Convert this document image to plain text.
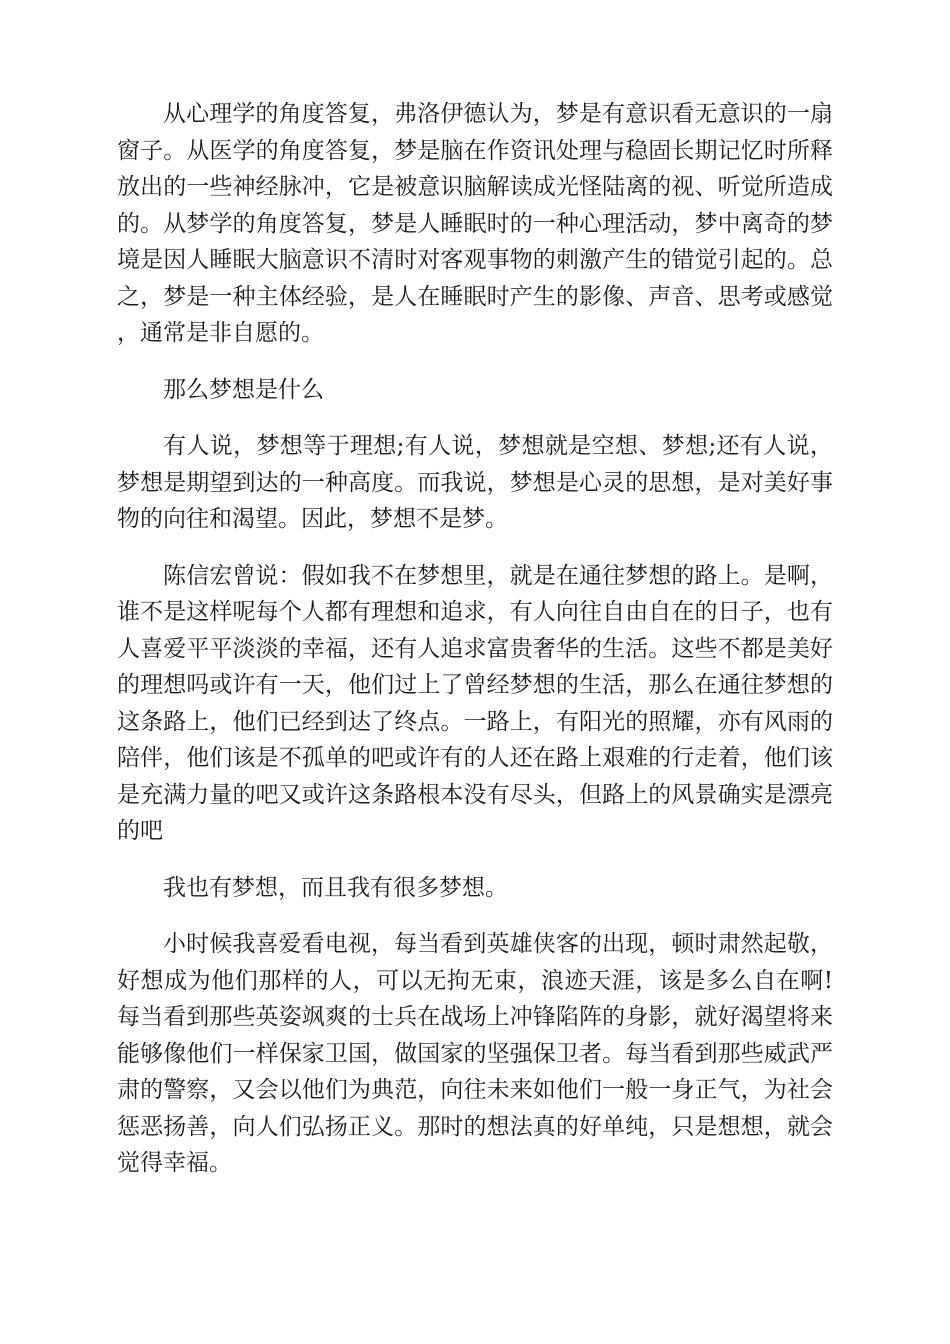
从心理学的角度答复，弗洛伊德认为，梦是有意识看无意识的一扇窗子。从医学的角度答复，梦是脑在作资讯处理与稳固长期记忆时所释放出的一些神经脉冲，它是被意识脑解读成光怪陆离的视、听觉所造成的。从梦学的角度答复，梦是人睡眠时的一种心理活动，梦中离奇的梦境是因人睡眠大脑意识不清时对客观事物的刺激产生的错觉引起的。总之，梦是一种主体经验，是人在睡眠时产生的影像、声音、思考或感觉，通常是非自愿的。

那么梦想是什么

有人说，梦想等于理想;有人说，梦想就是空想、梦想;还有人说，梦想是期望到达的一种高度。而我说，梦想是心灵的思想，是对美好事物的向往和渴望。因此，梦想不是梦。

陈信宏曾说：假如我不在梦想里，就是在通往梦想的路上。是啊，谁不是这样呢每个人都有理想和追求，有人向往自由自在的日子，也有人喜爱平平淡淡的幸福，还有人追求富贵奢华的生活。这些不都是美好的理想吗或许有一天，他们过上了曾经梦想的生活，那么在通往梦想的这条路上，他们已经到达了终点。一路上，有阳光的照耀，亦有风雨的陪伴，他们该是不孤单的吧或许有的人还在路上艰难的行走着，他们该是充满力量的吧又或许这条路根本没有尽头，但路上的风景确实是漂亮的吧

我也有梦想，而且我有很多梦想。

小时候我喜爱看电视，每当看到英雄侠客的出现，顿时肃然起敬，好想成为他们那样的人，可以无拘无束，浪迹天涯，该是多么自在啊!每当看到那些英姿飒爽的士兵在战场上冲锋陷阵的身影，就好渴望将来能够像他们一样保家卫国，做国家的坚强保卫者。每当看到那些威武严肃的警察，又会以他们为典范，向往未来如他们一般一身正气，为社会惩恶扬善，向人们弘扬正义。那时的想法真的好单纯，只是想想，就会觉得幸福。
